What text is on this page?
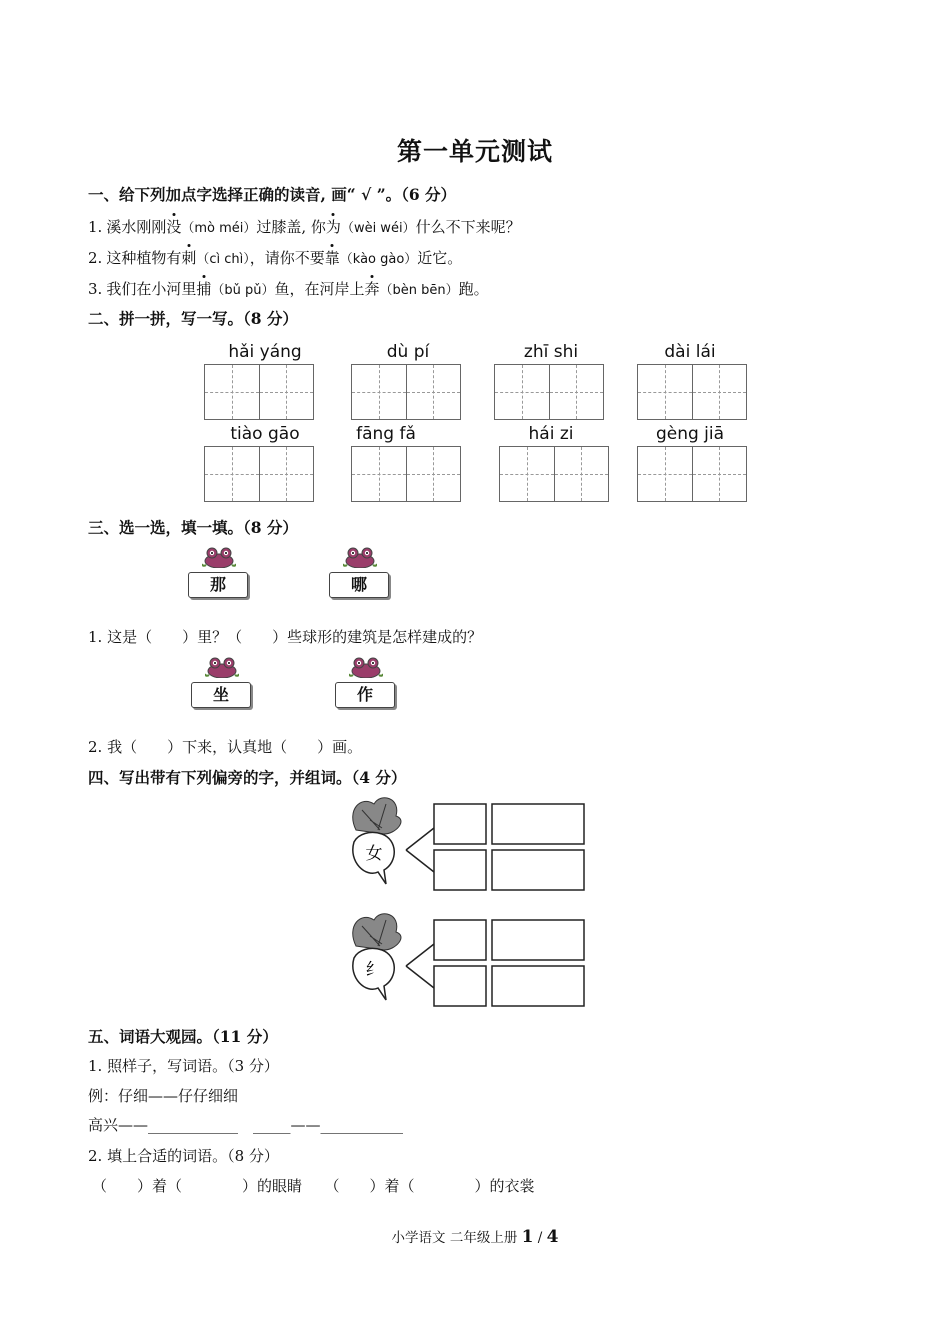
第一单元测试
一、给下列加点字选择正确的读音, 画“ √ ”。（6 分）
1. 溪水刚刚没（mò méi）过膝盖, 你为（wèi wéi）什么不下来呢？
2. 这种植物有刺（cì chì），请你不要靠（kào gào）近它。
3. 我们在小河里捕（bǔ pǔ）鱼，在河岸上奔（bèn bēn）跑。
二、拼一拼，写一写。（8 分）
hǎi yáng	dù pí	zhī shi	dài lái
tiào gāo	fāng fǎ	hái zi	gèng jiā
三、选一选，填一填。（8 分）
那	哪
1. 这是（　　）里？（　　）些球形的建筑是怎样建成的？
坐	作
2. 我（　　）下来，认真地（　　）画。
四、写出带有下列偏旁的字，并组词。（4 分）
女
纟
五、词语大观园。（11 分）
1. 照样子，写词语。（3 分）
例：仔细——仔仔细细
高兴——____________　_____——___________
2. 填上合适的词语。（8 分）
（　　）着（　　　　）的眼睛　　（　　）着（　　　　）的衣裳
小学语文 二年级上册 1 / 4
